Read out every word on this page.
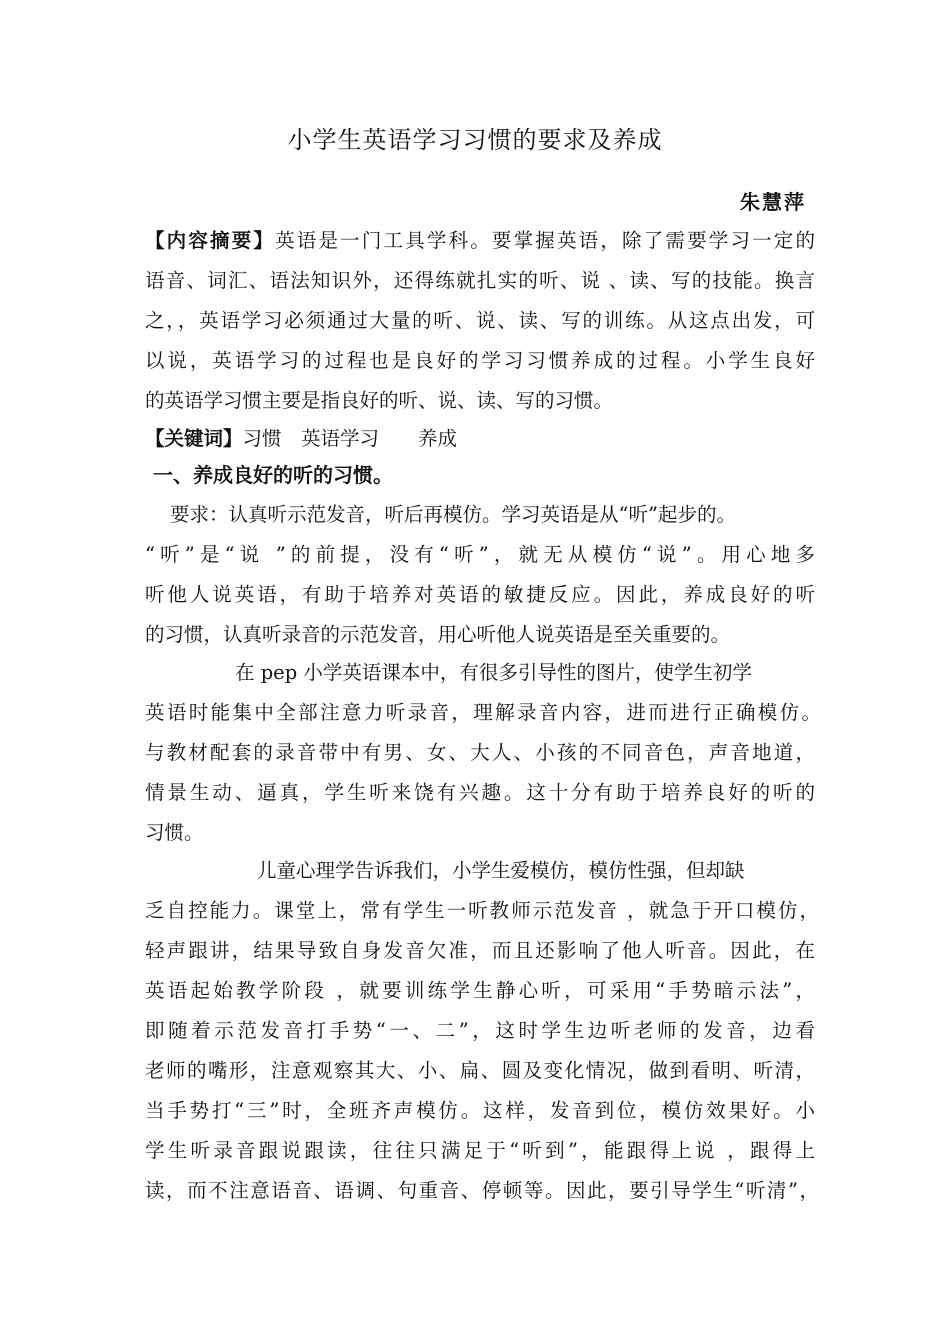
小学生英语学习习惯的要求及养成
朱慧萍
【内容摘要】英语是一门工具学科。要掌握英语，除了需要学习一定的
语音、词汇、语法知识外，还得练就扎实的听、说 、读、写的技能。换言
之，，英语学习必须通过大量的听、说、读、写的训练。从这点出发，可
以说，英语学习的过程也是良好的学习习惯养成的过程。小学生良好
的英语学习惯主要是指良好的听、说、读、写的习惯。
【关键词】习惯　英语学习　　养成
一、养成良好的听的习惯。
要求：认真听示范发音，听后再模仿。学习英语是从“听”起步的。
“听”是“说 ”的前提，没有“听”，就无从模仿“说”。用心地多
听他人说英语，有助于培养对英语的敏捷反应。因此，养成良好的听
的习惯，认真听录音的示范发音，用心听他人说英语是至关重要的。
在 pep 小学英语课本中，有很多引导性的图片，使学生初学
英语时能集中全部注意力听录音，理解录音内容，进而进行正确模仿。
与教材配套的录音带中有男、女、大人、小孩的不同音色，声音地道，
情景生动、逼真，学生听来饶有兴趣。这十分有助于培养良好的听的
习惯。
儿童心理学告诉我们，小学生爱模仿，模仿性强，但却缺
乏自控能力。课堂上，常有学生一听教师示范发音 ，就急于开口模仿，
轻声跟讲，结果导致自身发音欠准，而且还影响了他人听音。因此，在
英语起始教学阶段 ，就要训练学生静心听，可采用“手势暗示法”，
即随着示范发音打手势“一、二”，这时学生边听老师的发音，边看
老师的嘴形，注意观察其大、小、扁、圆及变化情况，做到看明、听清，
当手势打“三”时，全班齐声模仿。这样，发音到位，模仿效果好。小
学生听录音跟说跟读，往往只满足于“听到”，能跟得上说 ，跟得上
读，而不注意语音、语调、句重音、停顿等。因此，要引导学生“听清”，
